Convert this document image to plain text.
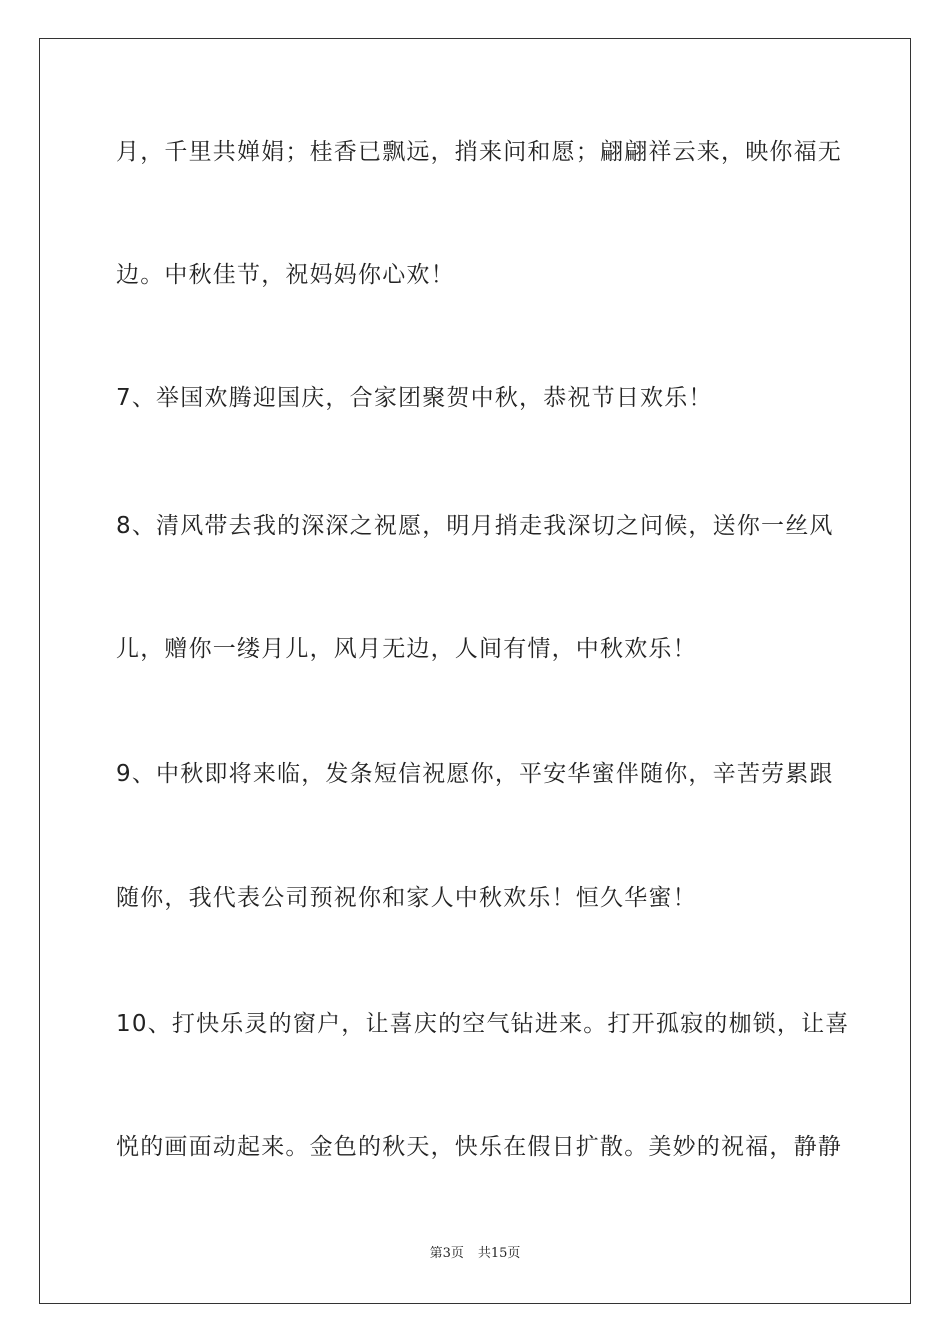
月，千里共婵娟；桂香已飘远，捎来问和愿；翩翩祥云来，映你福无
边。中秋佳节，祝妈妈你心欢！
7、举国欢腾迎国庆，合家团聚贺中秋，恭祝节日欢乐！
8、清风带去我的深深之祝愿，明月捎走我深切之问候，送你一丝风
儿，赠你一缕月儿，风月无边，人间有情，中秋欢乐！
9、中秋即将来临，发条短信祝愿你，平安华蜜伴随你，辛苦劳累跟
随你，我代表公司预祝你和家人中秋欢乐！恒久华蜜！
10、打快乐灵的窗户，让喜庆的空气钻进来。打开孤寂的枷锁，让喜
悦的画面动起来。金色的秋天，快乐在假日扩散。美妙的祝福，静静
第3页 共15页
